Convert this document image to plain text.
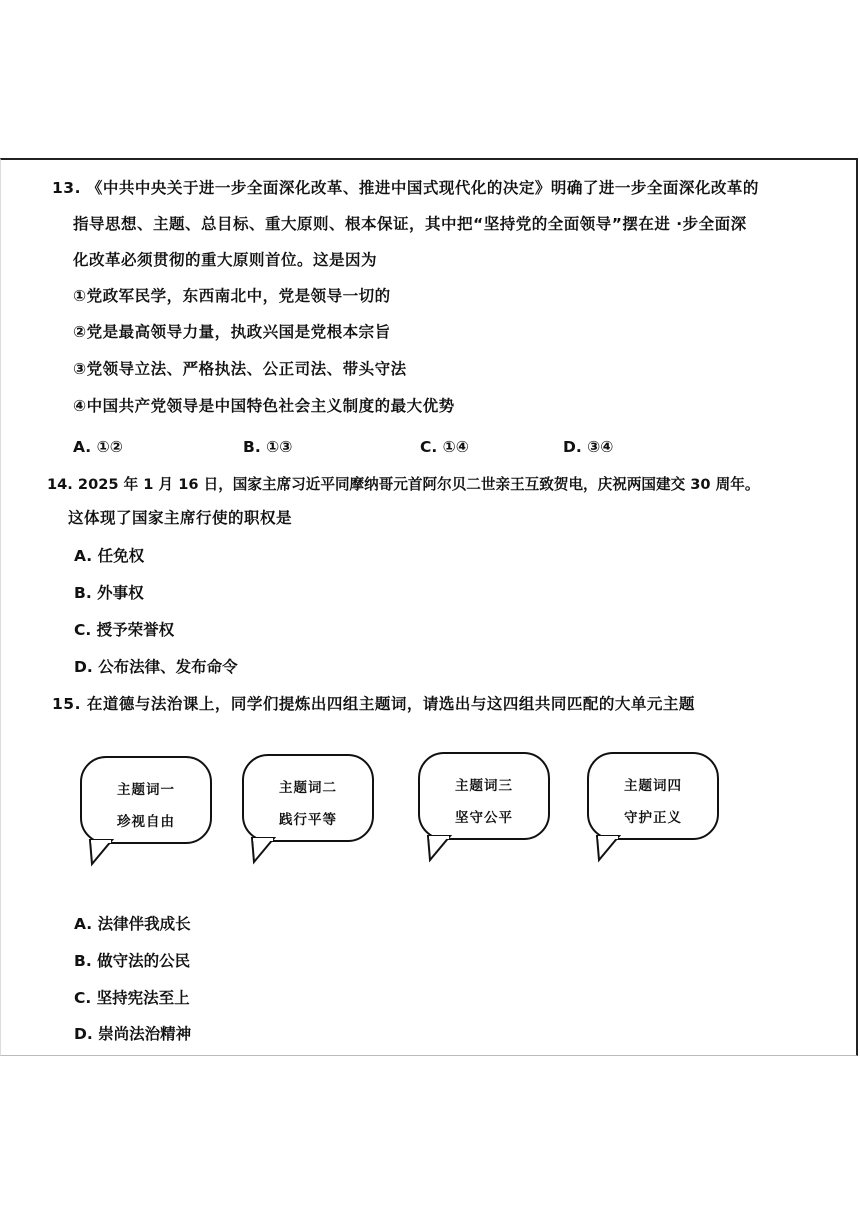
13. 《中共中央关于进一步全面深化改革、推进中国式现代化的决定》明确了进一步全面深化改革的
指导思想、主题、总目标、重大原则、根本保证，其中把“坚持党的全面领导”摆在进 ·步全面深
化改革必须贯彻的重大原则首位。这是因为
①党政军民学，东西南北中，党是领导一切的
②党是最高领导力量，执政兴国是党根本宗旨
③党领导立法、严格执法、公正司法、带头守法
④中国共产党领导是中国特色社会主义制度的最大优势
A. ①②	B. ①③	C. ①④	D. ③④
14. 2025 年 1 月 16 日，国家主席习近平同摩纳哥元首阿尔贝二世亲王互致贺电，庆祝两国建交 30 周年。
这体现了国家主席行使的职权是
A. 任免权
B. 外事权
C. 授予荣誉权
D. 公布法律、发布命令
15. 在道德与法治课上，同学们提炼出四组主题词，请选出与这四组共同匹配的大单元主题
主题词一
珍视自由
主题词二
践行平等
主题词三
坚守公平
主题词四
守护正义
A. 法律伴我成长
B. 做守法的公民
C. 坚持宪法至上
D. 崇尚法治精神
